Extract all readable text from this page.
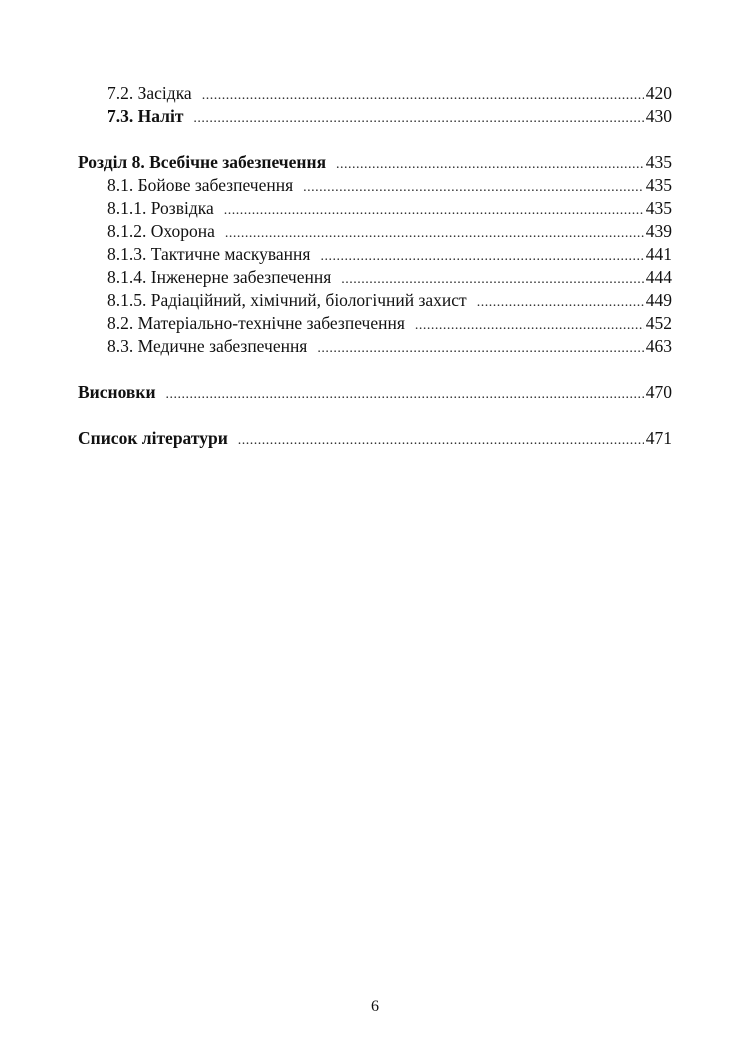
7.2. Засідка .....	420
7.3. Наліт .....	430
Розділ 8. Всебічне забезпечення .....	435
8.1. Бойове забезпечення .....	435
8.1.1. Розвідка .....	435
8.1.2. Охорона .....	439
8.1.3. Тактичне маскування .....	441
8.1.4. Інженерне забезпечення .....	444
8.1.5. Радіаційний, хімічний, біологічний захист .....	449
8.2. Матеріально-технічне забезпечення .....	452
8.3. Медичне забезпечення .....	463
Висновки .....	470
Список літератури .....	471
6
